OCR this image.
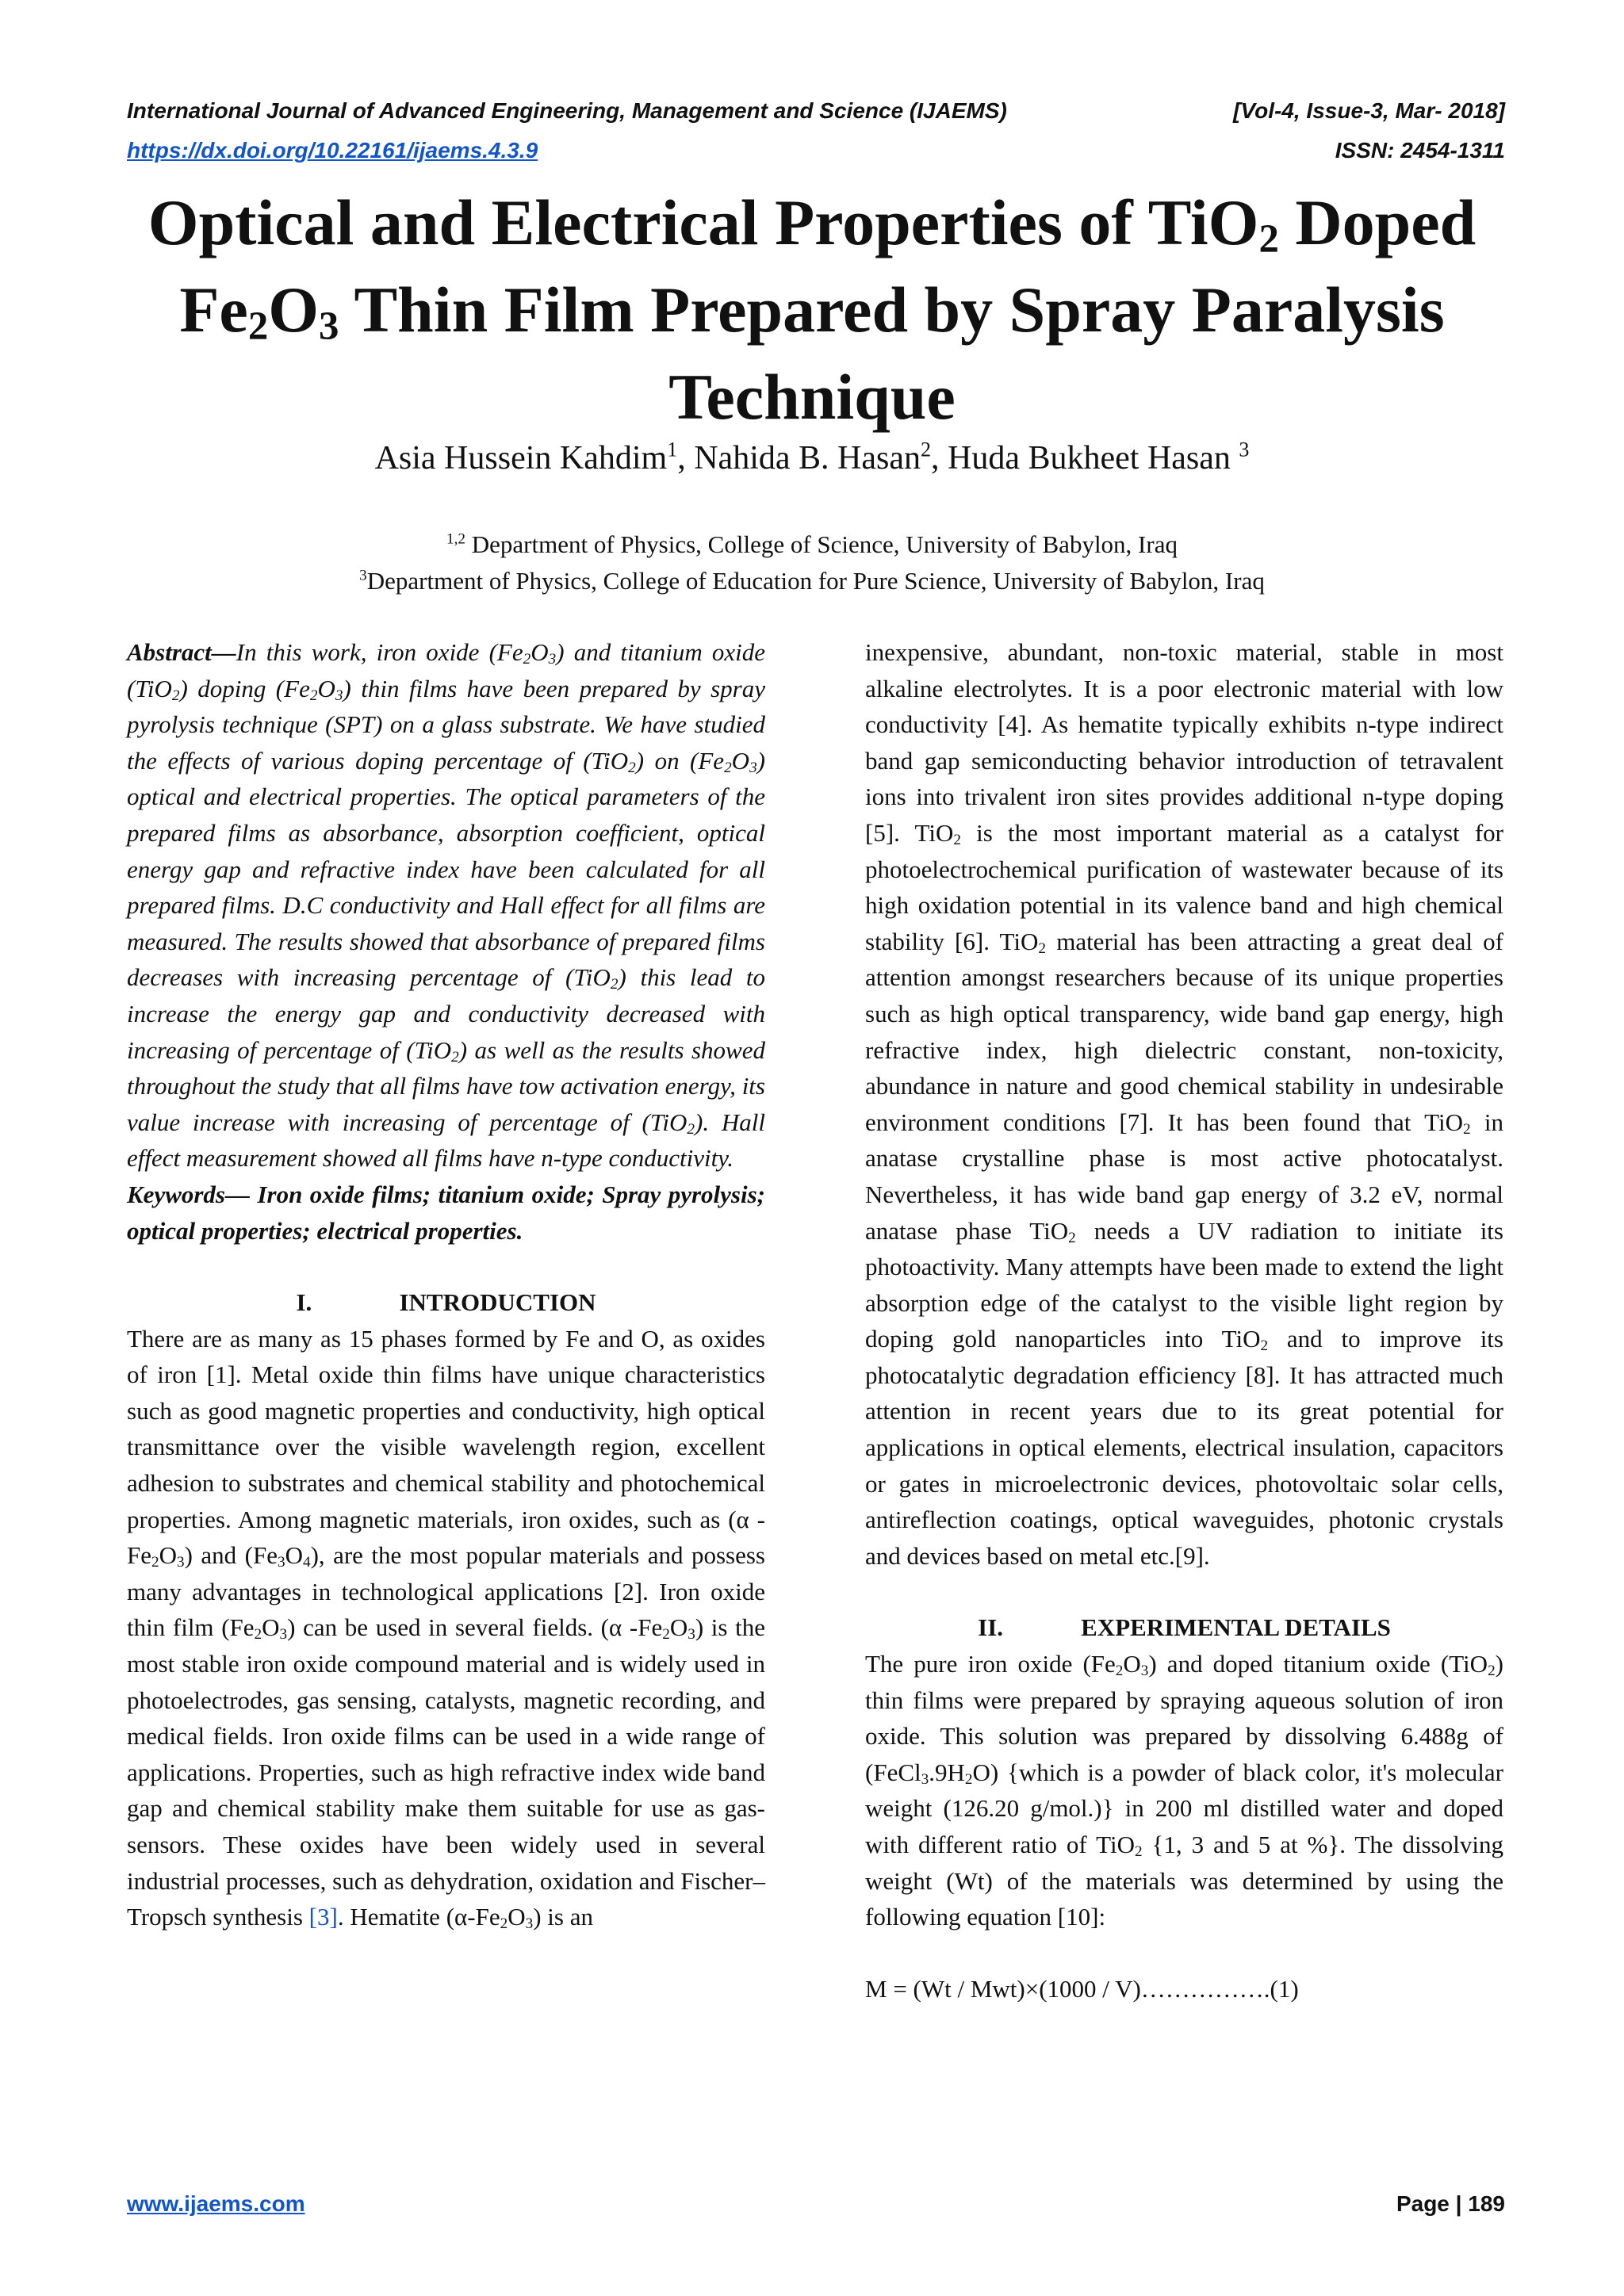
International Journal of Advanced Engineering, Management and Science (IJAEMS)	[Vol-4, Issue-3, Mar- 2018]
https://dx.doi.org/10.22161/ijaems.4.3.9	ISSN: 2454-1311
Optical and Electrical Properties of TiO$_2$ Doped $Fe_2O_3$ Thin Film Prepared by Spray Paralysis Technique
Asia Hussein Kahdim$^1$, Nahida B. Hasan$^2$, Huda Bukheet Hasan $^3$
$^{1,2}$ Department of Physics, College of Science, University of Babylon, Iraq
$^3$Department of Physics, College of Education for Pure Science, University of Babylon, Iraq

Abstract—In this work, iron oxide $(Fe_2O_3)$ and titanium oxide (TiO$_2$) doping $(Fe_2O_3)$ thin films have been prepared by spray pyrolysis technique (SPT) on a glass substrate. We have studied the effects of various doping percentage of (TiO$_2$) on $(Fe_2O_3)$ optical and electrical properties. The optical parameters of the prepared films as absorbance, absorption coefficient, optical energy gap and refractive index have been calculated for all prepared films. D.C conductivity and Hall effect for all films are measured. The results showed that absorbance of prepared films decreases with increasing percentage of (TiO$_2$) this lead to increase the energy gap and conductivity decreased with increasing of percentage of (TiO$_2$) as well as the results showed throughout the study that all films have tow activation energy, its value increase with increasing of percentage of (TiO$_2$). Hall effect measurement showed all films have n-type conductivity.

Keywords— Iron oxide films; titanium oxide; Spray pyrolysis; optical properties; electrical properties.

I.	INTRODUCTION

There are as many as 15 phases formed by Fe and O, as oxides of iron [1]. Metal oxide thin films have unique characteristics such as good magnetic properties and conductivity, high optical transmittance over the visible wavelength region, excellent adhesion to substrates and chemical stability and photochemical properties. Among magnetic materials, iron oxides, such as (α $-Fe_2O_3$) and $(Fe_3O_4)$, are the most popular materials and possess many advantages in technological applications [2]. Iron oxide thin film $(Fe_2O_3)$ can be used in several fields. (α $-Fe_2O_3$) is the most stable iron oxide compound material and is widely used in photoelectrodes, gas sensing, catalysts, magnetic recording, and medical fields. Iron oxide films can be used in a wide range of applications. Properties, such as high refractive index wide band gap and chemical stability make them suitable for use as gas-sensors. These oxides have been widely used in several industrial processes, such as dehydration, oxidation and Fischer–Tropsch synthesis [3]. Hematite $(\alpha-Fe_2O_3)$ is an

inexpensive, abundant, non-toxic material, stable in most alkaline electrolytes. It is a poor electronic material with low conductivity [4]. As hematite typically exhibits n-type indirect band gap semiconducting behavior introduction of tetravalent ions into trivalent iron sites provides additional n-type doping [5]. TiO$_2$ is the most important material as a catalyst for photoelectrochemical purification of wastewater because of its high oxidation potential in its valence band and high chemical stability [6]. TiO$_2$ material has been attracting a great deal of attention amongst researchers because of its unique properties such as high optical transparency, wide band gap energy, high refractive index, high dielectric constant, non-toxicity, abundance in nature and good chemical stability in undesirable environment conditions [7]. It has been found that TiO$_2$ in anatase crystalline phase is most active photocatalyst. Nevertheless, it has wide band gap energy of 3.2 eV, normal anatase phase TiO$_2$ needs a UV radiation to initiate its photoactivity. Many attempts have been made to extend the light absorption edge of the catalyst to the visible light region by doping gold nanoparticles into TiO$_2$ and to improve its photocatalytic degradation efficiency [8]. It has attracted much attention in recent years due to its great potential for applications in optical elements, electrical insulation, capacitors or gates in microelectronic devices, photovoltaic solar cells, antireflection coatings, optical waveguides, photonic crystals and devices based on metal etc.[9].

II.	EXPERIMENTAL DETAILS

The pure iron oxide $(Fe_2O_3)$ and doped titanium oxide (TiO$_2$) thin films were prepared by spraying aqueous solution of iron oxide. This solution was prepared by dissolving 6.488g of $(FeCl_3.9H_2O)$ {which is a powder of black color, it's molecular weight (126.20 g/mol.)} in 200 ml distilled water and doped with different ratio of TiO$_2$ {1, 3 and 5 at %}. The dissolving weight (Wt) of the materials was determined by using the following equation [10]:

M = (Wt / Mwt)×(1000 / V)…………….(1)

www.ijaems.com	Page | 189
